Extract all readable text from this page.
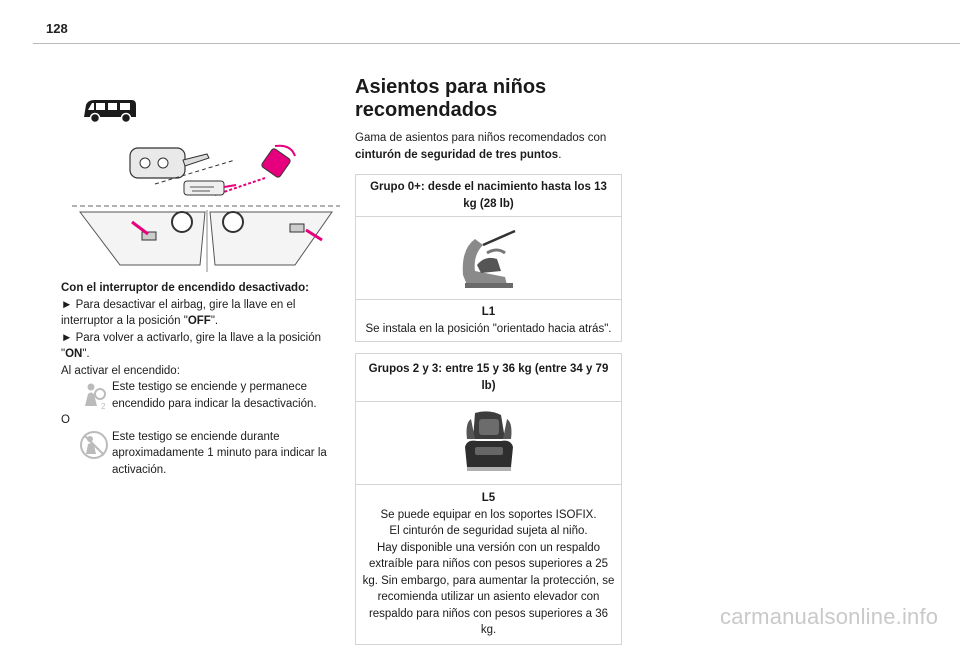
128

Con el interruptor de encendido desactivado:

► Para desactivar el airbag, gire la llave en el interruptor a la posición "OFF".

► Para volver a activarlo, gire la llave a la posición "ON".

Al activar el encendido:

2
Este testigo se enciende y permanece encendido para indicar la desactivación.

O

Este testigo se enciende durante aproximadamente 1 minuto para indicar la activación.
Asientos para niños
recomendados
Gama de asientos para niños recomendados con
cinturón de seguridad de tres puntos.
Grupo 0+: desde el nacimiento hasta los 13 kg (28 lb)
L1
Se instala en la posición "orientado hacia atrás".
Grupos 2 y 3: entre 15 y 36 kg (entre 34 y 79 lb)
L5
Se puede equipar en los soportes ISOFIX.
El cinturón de seguridad sujeta al niño.
Hay disponible una versión con un respaldo extraíble para niños con pesos superiores a 25 kg. Sin embargo, para aumentar la protección, se recomienda utilizar un asiento elevador con respaldo para niños con pesos superiores a 36 kg.
carmanualsonline.info
